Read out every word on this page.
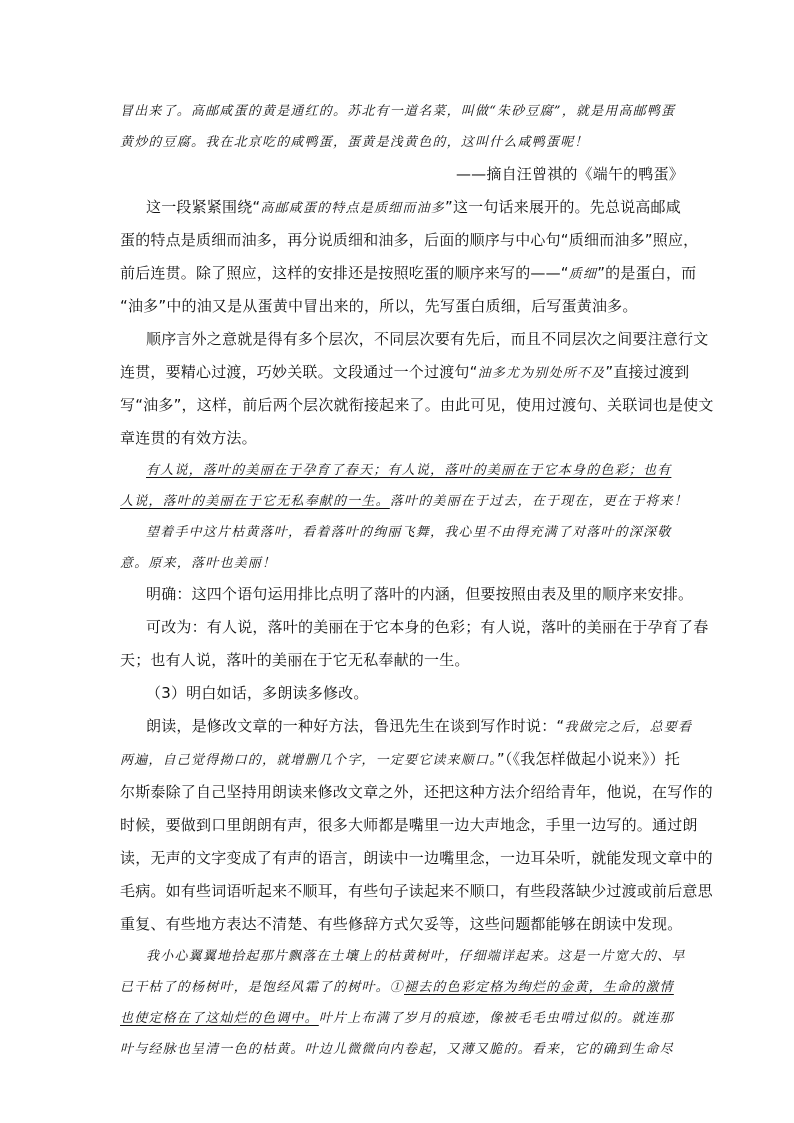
冒出来了。高邮咸蛋的黄是通红的。苏北有一道名菜，叫做“朱砂豆腐”，就是用高邮鸭蛋
黄炒的豆腐。我在北京吃的咸鸭蛋，蛋黄是浅黄色的，这叫什么咸鸭蛋呢！
——摘自汪曾祺的《端午的鸭蛋》
这一段紧紧围绕“高邮咸蛋的特点是质细而油多”这一句话来展开的。先总说高邮咸
蛋的特点是质细而油多，再分说质细和油多，后面的顺序与中心句“质细而油多”照应，
前后连贯。除了照应，这样的安排还是按照吃蛋的顺序来写的——“质细”的是蛋白，而
“油多”中的油又是从蛋黄中冒出来的，所以，先写蛋白质细，后写蛋黄油多。
顺序言外之意就是得有多个层次，不同层次要有先后，而且不同层次之间要注意行文
连贯，要精心过渡，巧妙关联。文段通过一个过渡句“油多尤为别处所不及”直接过渡到
写“油多”，这样，前后两个层次就衔接起来了。由此可见，使用过渡句、关联词也是使文
章连贯的有效方法。
有人说，落叶的美丽在于孕育了春天；有人说，落叶的美丽在于它本身的色彩；也有
人说，落叶的美丽在于它无私奉献的一生。落叶的美丽在于过去，在于现在，更在于将来！
望着手中这片枯黄落叶，看着落叶的绚丽飞舞，我心里不由得充满了对落叶的深深敬
意。原来，落叶也美丽！
明确：这四个语句运用排比点明了落叶的内涵，但要按照由表及里的顺序来安排。
可改为：有人说，落叶的美丽在于它本身的色彩；有人说，落叶的美丽在于孕育了春
天；也有人说，落叶的美丽在于它无私奉献的一生。
（3）明白如话，多朗读多修改。
朗读，是修改文章的一种好方法，鲁迅先生在谈到写作时说：“我做完之后，总要看
两遍，自己觉得拗口的，就增删几个字，一定要它读来顺口。”（《我怎样做起小说来》）托
尔斯泰除了自己坚持用朗读来修改文章之外，还把这种方法介绍给青年，他说，在写作的
时候，要做到口里朗朗有声，很多大师都是嘴里一边大声地念，手里一边写的。通过朗
读，无声的文字变成了有声的语言，朗读中一边嘴里念，一边耳朵听，就能发现文章中的
毛病。如有些词语听起来不顺耳，有些句子读起来不顺口，有些段落缺少过渡或前后意思
重复、有些地方表达不清楚、有些修辞方式欠妥等，这些问题都能够在朗读中发现。
我小心翼翼地拾起那片飘落在土壤上的枯黄树叶，仔细端详起来。这是一片宽大的、早
已干枯了的杨树叶，是饱经风霜了的树叶。①褪去的色彩定格为绚烂的金黄，生命的激情
也使定格在了这灿烂的色调中。叶片上布满了岁月的痕迹，像被毛毛虫啃过似的。就连那
叶与经脉也呈清一色的枯黄。叶边儿微微向内卷起，又薄又脆的。看来，它的确到生命尽
